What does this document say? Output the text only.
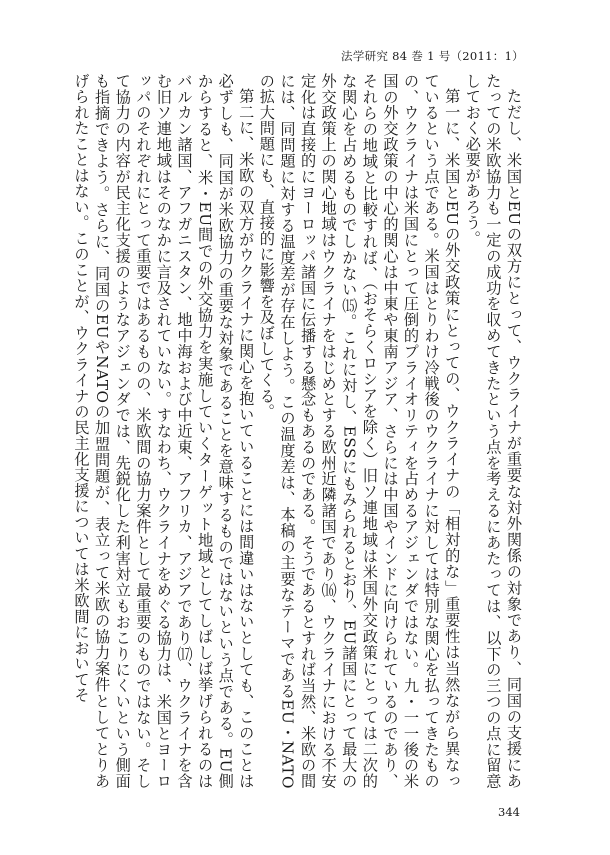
法学研究 84 巻 1 号（2011：1）

ただし、米国とEUの双方にとって、ウクライナが重要な対外関係の対象であり、同国の支援にあたっての米欧協力も一定の成功を収めてきたという点を考えるにあたっては、以下の三つの点に留意しておく必要があろう。

第一に、米国とEUの外交政策にとっての、ウクライナの「相対的な」重要性は当然ながら異なっているという点である。米国はとりわけ冷戦後のウクライナに対しては特別な関心を払ってきたものの、ウクライナは米国にとって圧倒的プライオリティを占めるアジェンダではない。九・一一後の米国の外交政策の中心的関心は中東や東南アジア、さらには中国やインドに向けられているのであり、それらの地域と比較すれば、（おそらくロシアを除く）旧ソ連地域は米国外交政策にとっては二次的な関心を占めるものでしかない⒂。これに対し、ESSにもみられるとおり、EU諸国にとって最大の外交政策上の関心地域はウクライナをはじめとする欧州近隣諸国であり⒃、ウクライナにおける不安定化は直接的にヨーロッパ諸国に伝播する懸念もあるのである。そうであるとすれば当然、米欧の間には、同問題に対する温度差が存在しよう。この温度差は、本稿の主要なテーマであるEU・NATOの拡大問題にも、直接的に影響を及ぼしてくる。

第二に、米欧の双方がウクライナに関心を抱いていることには間違いはないとしても、このことは必ずしも、同国が米欧協力の重要な対象であることを意味するものではないという点である。EU側からすると、米・EU間での外交協力を実施していくターゲット地域としてしばしば挙げられるのはバルカン諸国、アフガニスタン、地中海および中近東、アフリカ、アジアであり⒄、ウクライナを含む旧ソ連地域はそのなかに言及されていない。すなわち、ウクライナをめぐる協力は、米国とヨーロッパのそれぞれにとって重要ではあるものの、米欧間の協力案件として最重要のものではない。そして協力の内容が民主化支援のようなアジェンダでは、先鋭化した利害対立もおこりにくいという側面も指摘できよう。さらに、同国のEUやNATOの加盟問題が、表立って米欧の協力案件としてとりあげられたことはない。このことが、ウクライナの民主化支援については米欧間においてそ

344
